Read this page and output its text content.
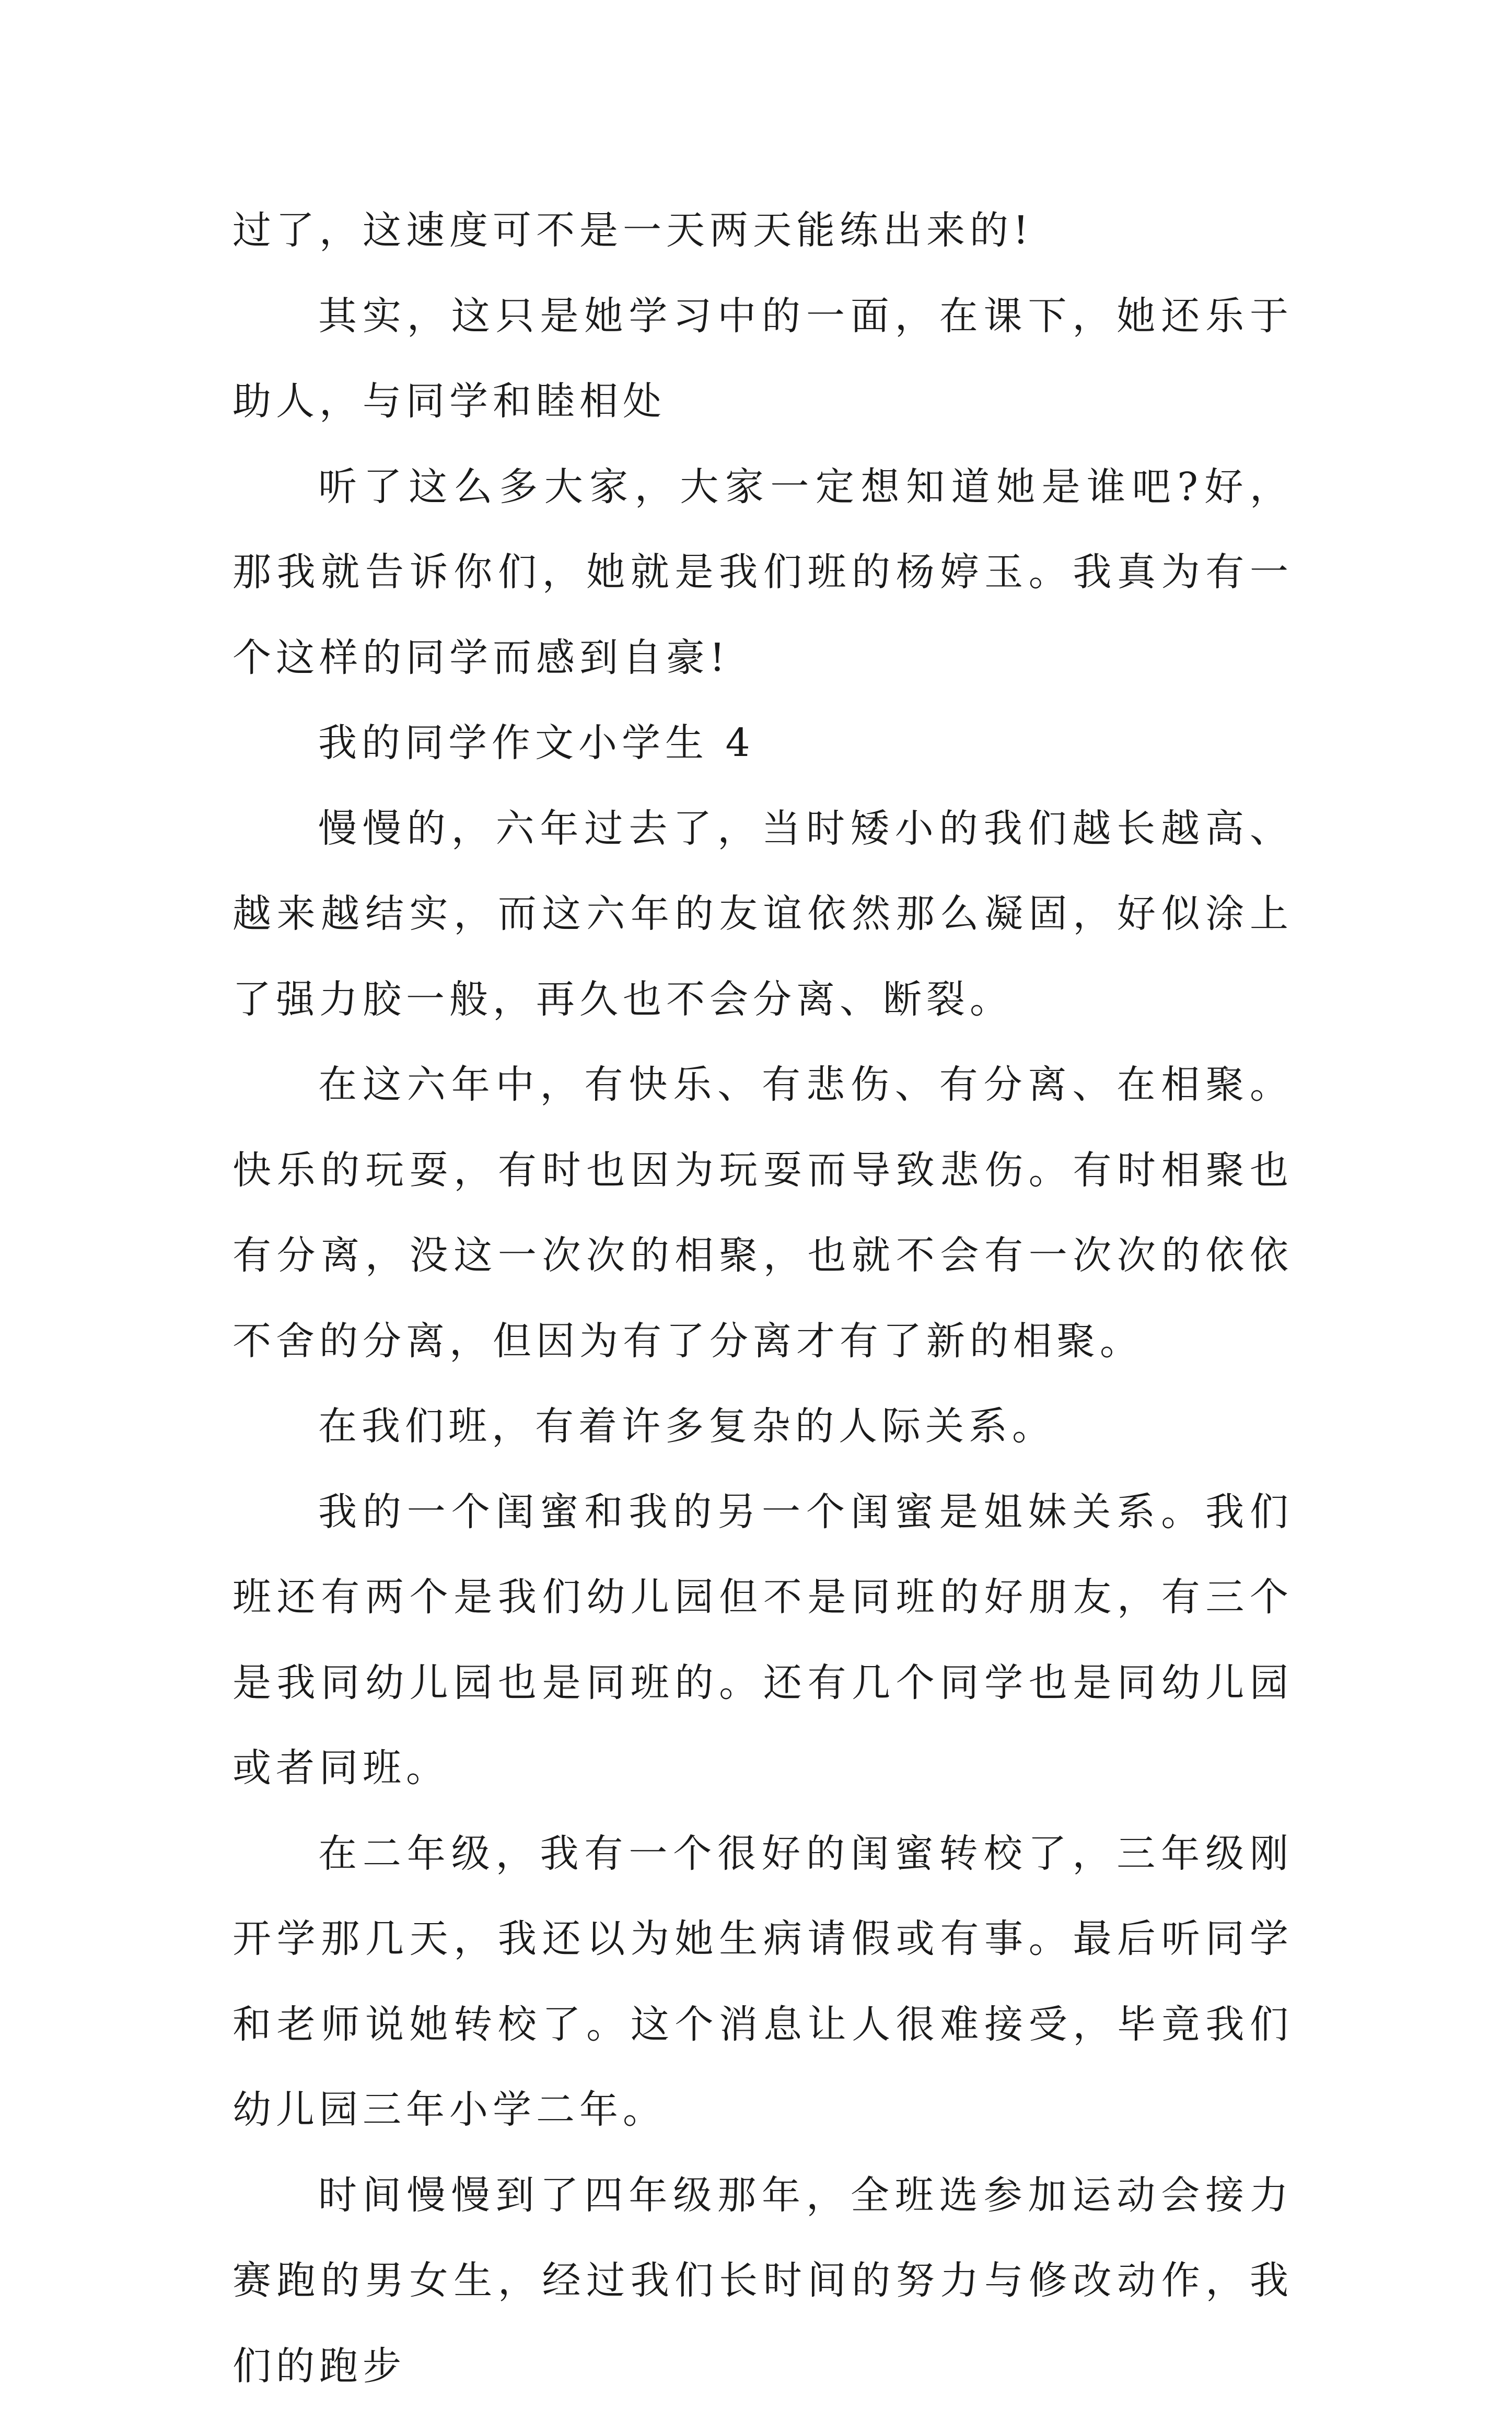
过了，这速度可不是一天两天能练出来的!

其实，这只是她学习中的一面，在课下，她还乐于助人，与同学和睦相处

听了这么多大家，大家一定想知道她是谁吧?好，那我就告诉你们，她就是我们班的杨婷玉。我真为有一个这样的同学而感到自豪!

我的同学作文小学生 4

慢慢的，六年过去了，当时矮小的我们越长越高、越来越结实，而这六年的友谊依然那么凝固，好似涂上了强力胶一般，再久也不会分离、断裂。

在这六年中，有快乐、有悲伤、有分离、在相聚。快乐的玩耍，有时也因为玩耍而导致悲伤。有时相聚也有分离，没这一次次的相聚，也就不会有一次次的依依不舍的分离，但因为有了分离才有了新的相聚。

在我们班，有着许多复杂的人际关系。

我的一个闺蜜和我的另一个闺蜜是姐妹关系。我们班还有两个是我们幼儿园但不是同班的好朋友，有三个是我同幼儿园也是同班的。还有几个同学也是同幼儿园或者同班。

在二年级，我有一个很好的闺蜜转校了，三年级刚开学那几天，我还以为她生病请假或有事。最后听同学和老师说她转校了。这个消息让人很难接受，毕竟我们幼儿园三年小学二年。

时间慢慢到了四年级那年，全班选参加运动会接力赛跑的男女生，经过我们长时间的努力与修改动作，我们的跑步
